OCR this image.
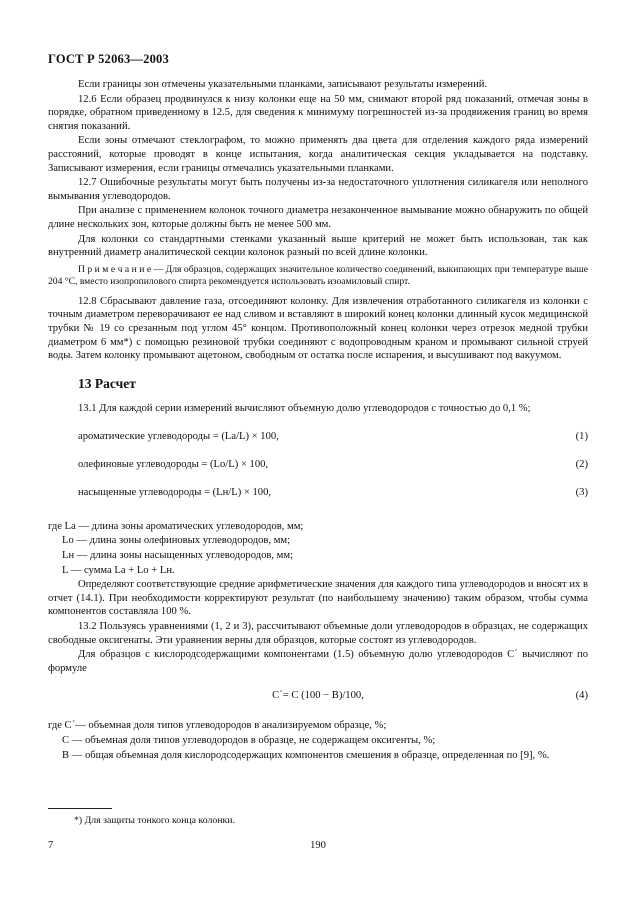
ГОСТ Р 52063—2003

Если границы зон отмечены указательными планками, записывают результаты измерений.

12.6 Если образец продвинулся к низу колонки еще на 50 мм, снимают второй ряд показаний, отмечая зоны в порядке, обратном приведенному в 12.5, для сведения к минимуму погрешностей из-за продвижения границ во время снятия показаний.

Если зоны отмечают стеклографом, то можно применять два цвета для отделения каждого ряда измерений расстояний, которые проводят в конце испытания, когда аналитическая секция укладывается на подставку. Записывают измерения, если границы отмечались указательными планками.

12.7 Ошибочные результаты могут быть получены из-за недостаточного уплотнения силикагеля или неполного вымывания углеводородов.

При анализе с применением колонок точного диаметра незаконченное вымывание можно обнаружить по общей длине нескольких зон, которые должны быть не менее 500 мм.

Для колонки со стандартными стенками указанный выше критерий не может быть использован, так как внутренний диаметр аналитической секции колонок разный по всей длине колонки.

П р и м е ч а н и е — Для образцов, содержащих значительное количество соединений, выкипающих при температуре выше 204 °С, вместо изопропилового спирта рекомендуется использовать изоамиловый спирт.

12.8 Сбрасывают давление газа, отсоединяют колонку. Для извлечения отработанного силикагеля из колонки с точным диаметром переворачивают ее над сливом и вставляют в широкий конец колонки длинный кусок медицинской трубки № 19 со срезанным под углом 45° концом. Противоположный конец колонки через отрезок медной трубки диаметром 6 мм*) с помощью резиновой трубки соединяют с водопроводным краном и промывают сильной струей воды. Затем колонку промывают ацетоном, свободным от остатка после испарения, и высушивают под вакуумом.

13 Расчет

13.1 Для каждой серии измерений вычисляют объемную долю углеводородов с точностью до 0,1 %;

ароматические углеводороды = (Lа/L) × 100,	(1)
олефиновые углеводороды = (Lо/L) × 100,	(2)
насыщенные углеводороды = (Lн/L) × 100,	(3)

где Lа — длина зоны ароматических углеводородов, мм;

Lо — длина зоны олефиновых углеводородов, мм;

Lн — длина зоны насыщенных углеводородов, мм;

L — сумма Lа + Lо + Lн.

Определяют соответствующие средние арифметические значения для каждого типа углеводородов и вносят их в отчет (14.1). При необходимости корректируют результат (по наибольшему значению) таким образом, чтобы сумма компонентов составляла 100 %.

13.2 Пользуясь уравнениями (1, 2 и 3), рассчитывают объемные доли углеводородов в образцах, не содержащих свободные оксигенаты. Эти уравнения верны для образцов, которые состоят из углеводородов.

Для образцов с кислородсодержащими компонентами (1.5) объемную долю углеводородов C´ вычисляют по формуле

C´= C (100 − B)/100,	(4)

где C´— объемная доля типов углеводородов в анализируемом образце, %;

C — объемная доля типов углеводородов в образце, не содержащем оксигенты, %;

B — общая объемная доля кислородсодержащих компонентов смешения в образце, определенная по [9], %.

*) Для защиты тонкого конца колонки.
7	190
